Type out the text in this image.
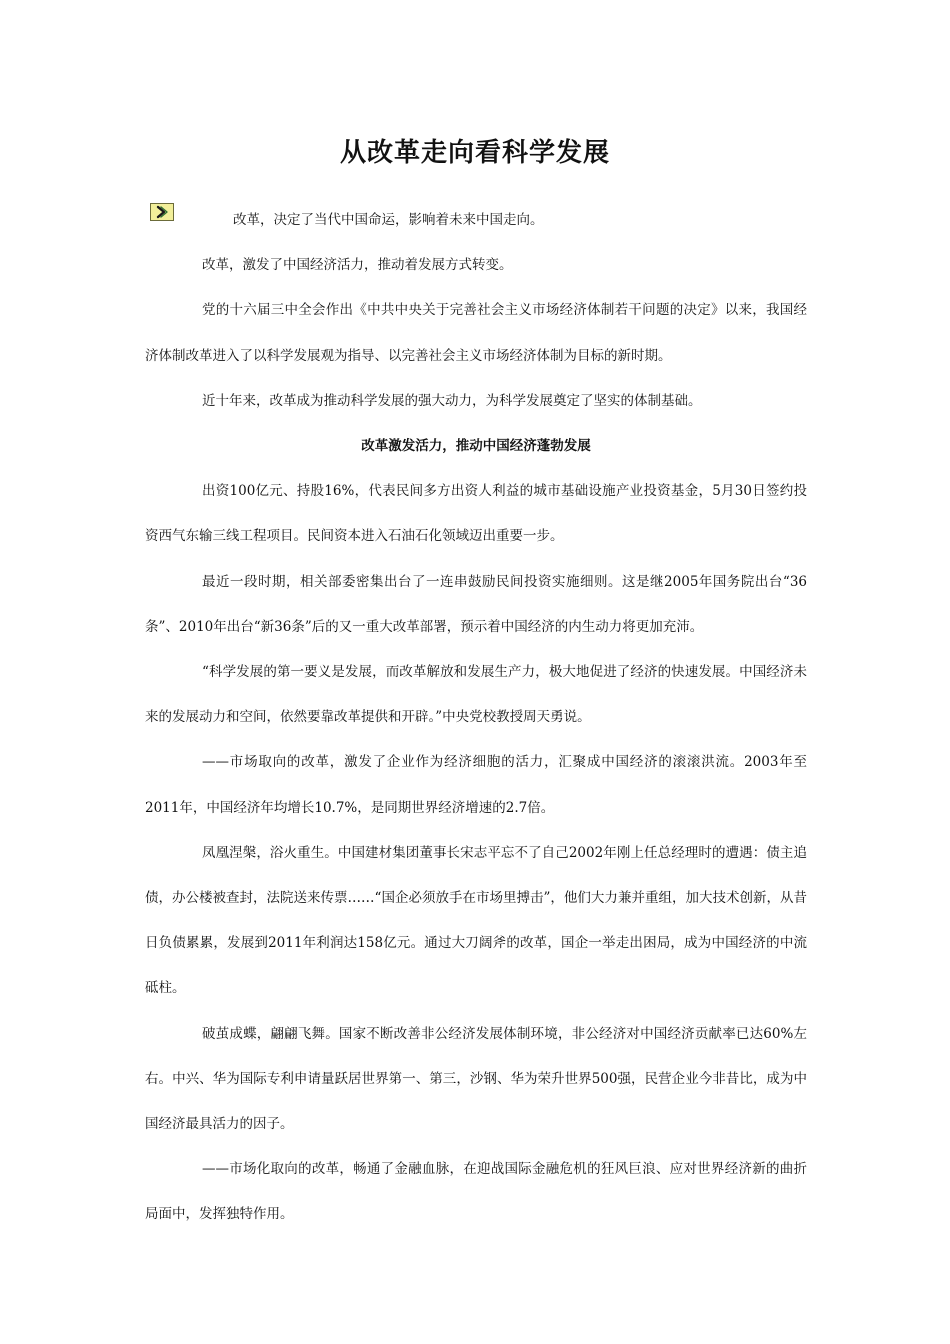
从改革走向看科学发展

改革，决定了当代中国命运，影响着未来中国走向。

改革，激发了中国经济活力，推动着发展方式转变。

党的十六届三中全会作出《中共中央关于完善社会主义市场经济体制若干问题的决定》以来，我国经济体制改革进入了以科学发展观为指导、以完善社会主义市场经济体制为目标的新时期。

近十年来，改革成为推动科学发展的强大动力，为科学发展奠定了坚实的体制基础。

改革激发活力，推动中国经济蓬勃发展

出资100亿元、持股16%，代表民间多方出资人利益的城市基础设施产业投资基金，5月30日签约投资西气东输三线工程项目。民间资本进入石油石化领域迈出重要一步。

最近一段时期，相关部委密集出台了一连串鼓励民间投资实施细则。这是继2005年国务院出台“36条”、2010年出台“新36条”后的又一重大改革部署，预示着中国经济的内生动力将更加充沛。

“科学发展的第一要义是发展，而改革解放和发展生产力，极大地促进了经济的快速发展。中国经济未来的发展动力和空间，依然要靠改革提供和开辟。”中央党校教授周天勇说。

——市场取向的改革，激发了企业作为经济细胞的活力，汇聚成中国经济的滚滚洪流。2003年至2011年，中国经济年均增长10.7%，是同期世界经济增速的2.7倍。

凤凰涅槃，浴火重生。中国建材集团董事长宋志平忘不了自己2002年刚上任总经理时的遭遇：债主追债，办公楼被查封，法院送来传票……“国企必须放手在市场里搏击”，他们大力兼并重组，加大技术创新，从昔日负债累累，发展到2011年利润达158亿元。通过大刀阔斧的改革，国企一举走出困局，成为中国经济的中流砥柱。

破茧成蝶，翩翩飞舞。国家不断改善非公经济发展体制环境，非公经济对中国经济贡献率已达60%左右。中兴、华为国际专利申请量跃居世界第一、第三，沙钢、华为荣升世界500强，民营企业今非昔比，成为中国经济最具活力的因子。

——市场化取向的改革，畅通了金融血脉，在迎战国际金融危机的狂风巨浪、应对世界经济新的曲折局面中，发挥独特作用。
